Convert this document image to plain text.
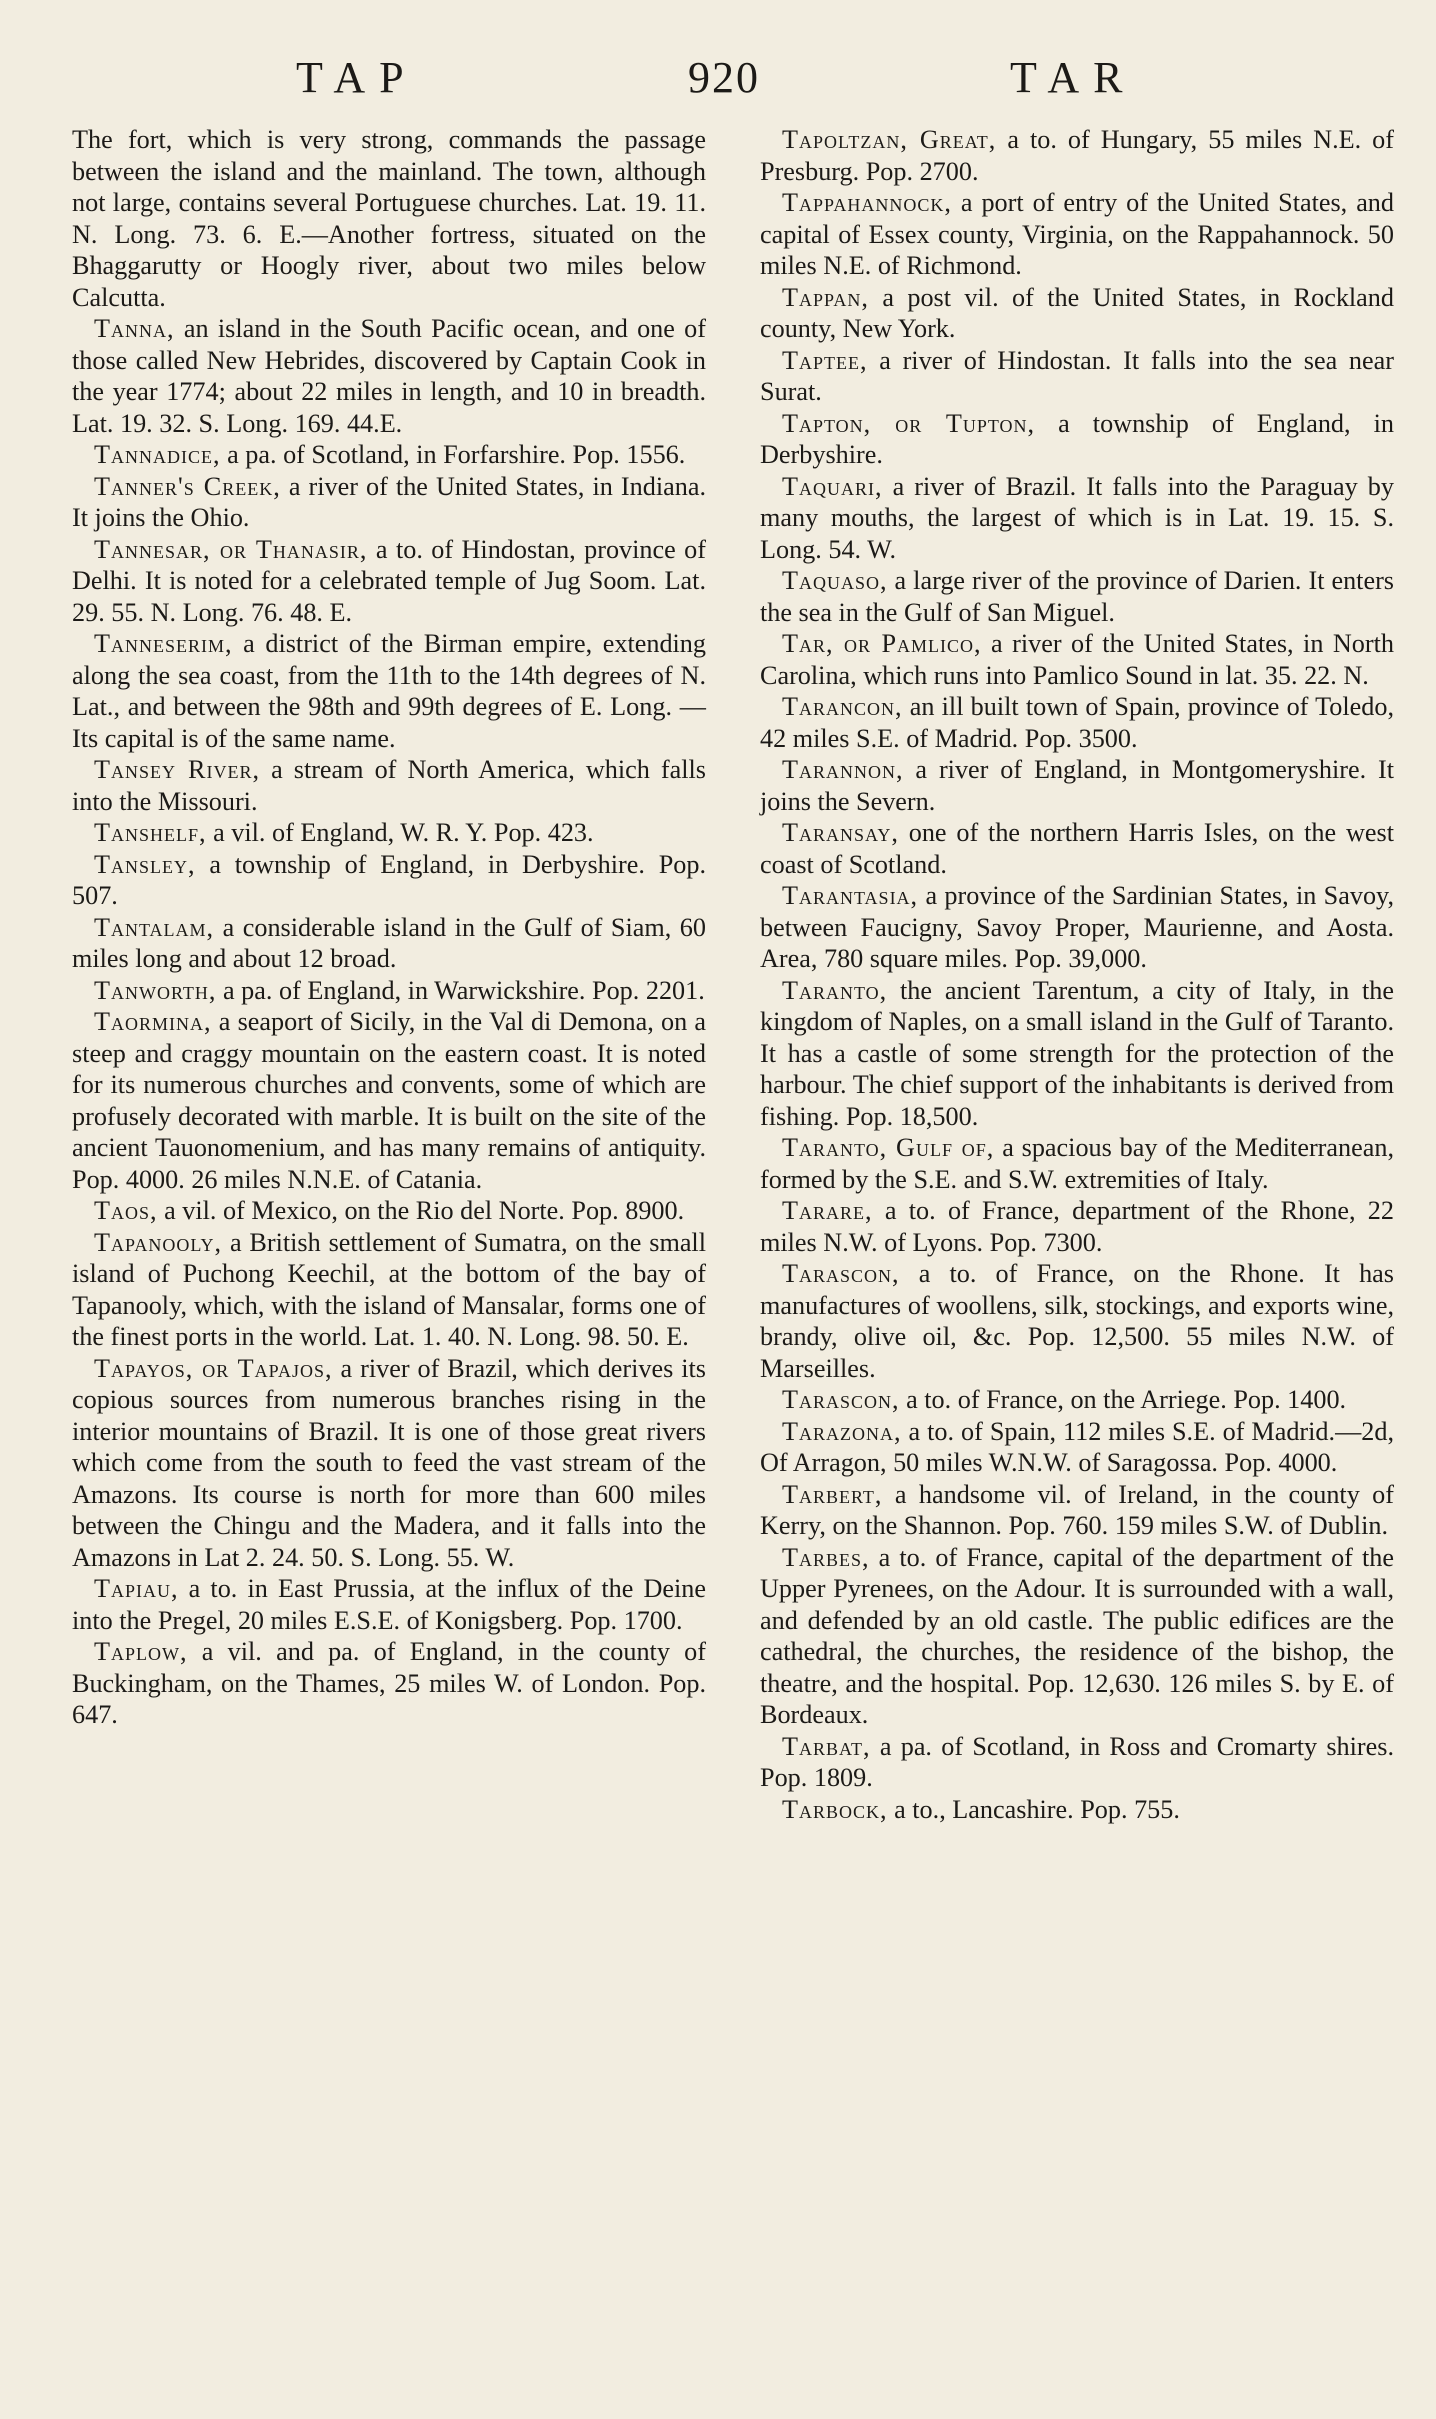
TAP	920	TAR

The fort, which is very strong, commands the passage between the island and the mainland. The town, although not large, contains several Portuguese churches. Lat. 19. 11. N. Long. 73. 6. E.—Another fortress, situated on the Bhaggarutty or Hoogly river, about two miles below Calcutta.

Tanna, an island in the South Pacific ocean, and one of those called New Hebrides, discovered by Captain Cook in the year 1774; about 22 miles in length, and 10 in breadth. Lat. 19. 32. S. Long. 169. 44.E.

Tannadice, a pa. of Scotland, in Forfarshire. Pop. 1556.

Tanner's Creek, a river of the United States, in Indiana. It joins the Ohio.

Tannesar, or Thanasir, a to. of Hindostan, province of Delhi. It is noted for a celebrated temple of Jug Soom. Lat. 29. 55. N. Long. 76. 48. E.

Tanneserim, a district of the Birman empire, extending along the sea coast, from the 11th to the 14th degrees of N. Lat., and between the 98th and 99th degrees of E. Long. —Its capital is of the same name.

Tansey River, a stream of North America, which falls into the Missouri.

Tanshelf, a vil. of England, W. R. Y. Pop. 423.

Tansley, a township of England, in Derbyshire. Pop. 507.

Tantalam, a considerable island in the Gulf of Siam, 60 miles long and about 12 broad.

Tanworth, a pa. of England, in Warwickshire. Pop. 2201.

Taormina, a seaport of Sicily, in the Val di Demona, on a steep and craggy mountain on the eastern coast. It is noted for its numerous churches and convents, some of which are profusely decorated with marble. It is built on the site of the ancient Tauonomenium, and has many remains of antiquity. Pop. 4000. 26 miles N.N.E. of Catania.

Taos, a vil. of Mexico, on the Rio del Norte. Pop. 8900.

Tapanooly, a British settlement of Sumatra, on the small island of Puchong Keechil, at the bottom of the bay of Tapanooly, which, with the island of Mansalar, forms one of the finest ports in the world. Lat. 1. 40. N. Long. 98. 50. E.

Tapayos, or Tapajos, a river of Brazil, which derives its copious sources from numerous branches rising in the interior mountains of Brazil. It is one of those great rivers which come from the south to feed the vast stream of the Amazons. Its course is north for more than 600 miles between the Chingu and the Madera, and it falls into the Amazons in Lat 2. 24. 50. S. Long. 55. W.

Tapiau, a to. in East Prussia, at the influx of the Deine into the Pregel, 20 miles E.S.E. of Konigsberg. Pop. 1700.

Taplow, a vil. and pa. of England, in the county of Buckingham, on the Thames, 25 miles W. of London. Pop. 647.

Tapoltzan, Great, a to. of Hungary, 55 miles N.E. of Presburg. Pop. 2700.

Tappahannock, a port of entry of the United States, and capital of Essex county, Virginia, on the Rappahannock. 50 miles N.E. of Richmond.

Tappan, a post vil. of the United States, in Rockland county, New York.

Taptee, a river of Hindostan. It falls into the sea near Surat.

Tapton, or Tupton, a township of England, in Derbyshire.

Taquari, a river of Brazil. It falls into the Paraguay by many mouths, the largest of which is in Lat. 19. 15. S. Long. 54. W.

Taquaso, a large river of the province of Darien. It enters the sea in the Gulf of San Miguel.

Tar, or Pamlico, a river of the United States, in North Carolina, which runs into Pamlico Sound in lat. 35. 22. N.

Tarancon, an ill built town of Spain, province of Toledo, 42 miles S.E. of Madrid. Pop. 3500.

Tarannon, a river of England, in Montgomeryshire. It joins the Severn.

Taransay, one of the northern Harris Isles, on the west coast of Scotland.

Tarantasia, a province of the Sardinian States, in Savoy, between Faucigny, Savoy Proper, Maurienne, and Aosta. Area, 780 square miles. Pop. 39,000.

Taranto, the ancient Tarentum, a city of Italy, in the kingdom of Naples, on a small island in the Gulf of Taranto. It has a castle of some strength for the protection of the harbour. The chief support of the inhabitants is derived from fishing. Pop. 18,500.

Taranto, Gulf of, a spacious bay of the Mediterranean, formed by the S.E. and S.W. extremities of Italy.

Tarare, a to. of France, department of the Rhone, 22 miles N.W. of Lyons. Pop. 7300.

Tarascon, a to. of France, on the Rhone. It has manufactures of woollens, silk, stockings, and exports wine, brandy, olive oil, &c. Pop. 12,500. 55 miles N.W. of Marseilles.

Tarascon, a to. of France, on the Arriege. Pop. 1400.

Tarazona, a to. of Spain, 112 miles S.E. of Madrid.—2d, Of Arragon, 50 miles W.N.W. of Saragossa. Pop. 4000.

Tarbert, a handsome vil. of Ireland, in the county of Kerry, on the Shannon. Pop. 760. 159 miles S.W. of Dublin.

Tarbes, a to. of France, capital of the department of the Upper Pyrenees, on the Adour. It is surrounded with a wall, and defended by an old castle. The public edifices are the cathedral, the churches, the residence of the bishop, the theatre, and the hospital. Pop. 12,630. 126 miles S. by E. of Bordeaux.

Tarbat, a pa. of Scotland, in Ross and Cromarty shires. Pop. 1809.

Tarbock, a to., Lancashire. Pop. 755.
